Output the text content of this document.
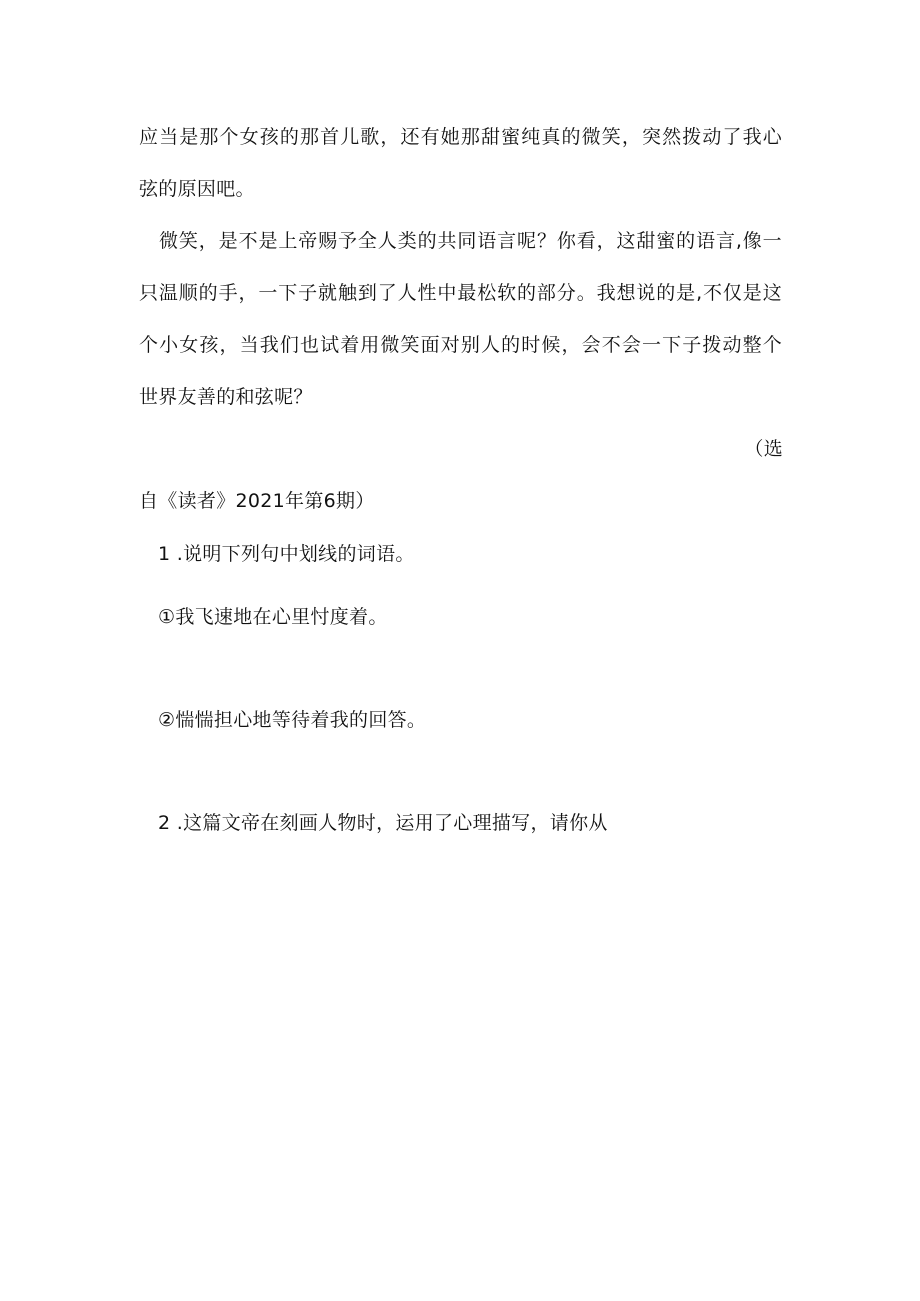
应当是那个女孩的那首儿歌，还有她那甜蜜纯真的微笑，突然拨动了我心
弦的原因吧。
微笑，是不是上帝赐予全人类的共同语言呢？你看，这甜蜜的语言,像一
只温顺的手，一下子就触到了人性中最松软的部分。我想说的是,不仅是这
个小女孩，当我们也试着用微笑面对别人的时候，会不会一下子拨动整个
世界友善的和弦呢？
（选
自《读者》2021年第6期）
1 .说明下列句中划线的词语。
①我飞速地在心里忖度着。
②惴惴担心地等待着我的回答。
2 .这篇文帝在刻画人物时，运用了心理描写，请你从
